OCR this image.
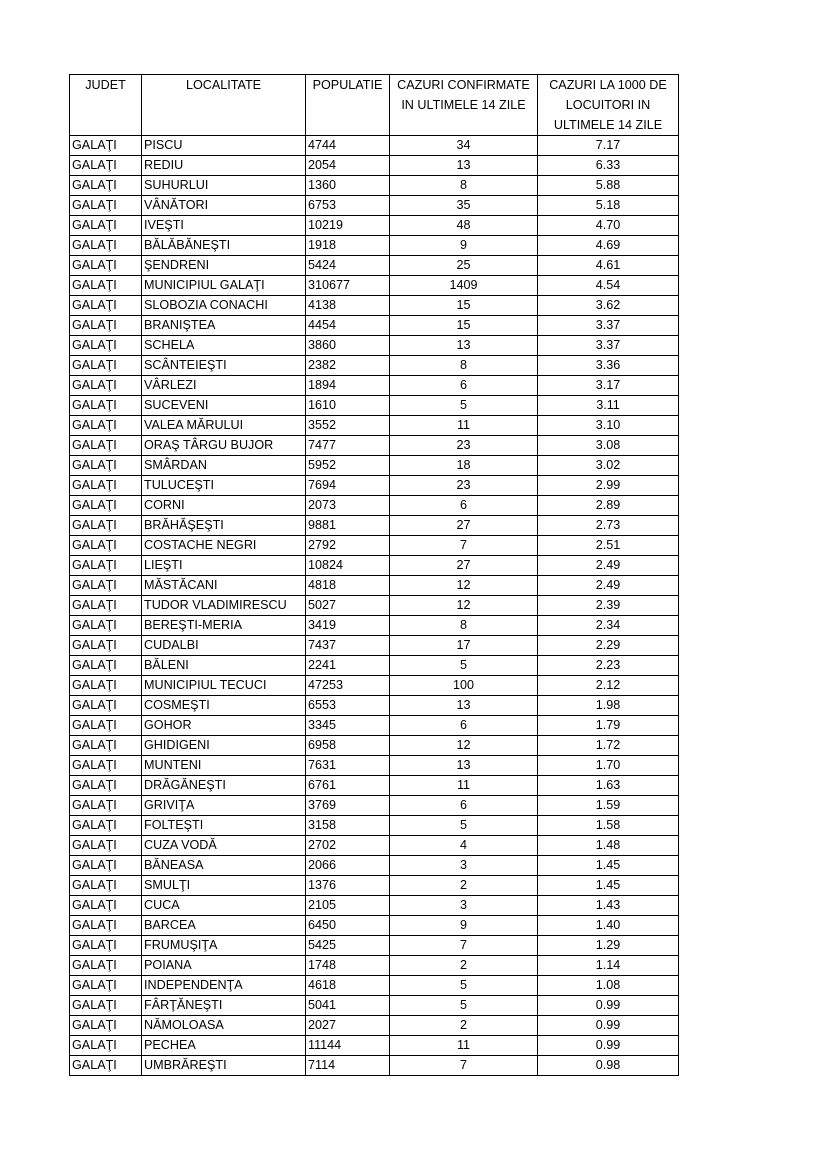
JUDET	LOCALITATE	POPULATIE	CAZURI CONFIRMATE IN ULTIMELE 14 ZILE	CAZURI LA 1000 DE LOCUITORI IN ULTIMELE 14 ZILE
GALAŢI	PISCU	4744	34	7.17
GALAŢI	REDIU	2054	13	6.33
GALAŢI	SUHURLUI	1360	8	5.88
GALAŢI	VÂNĂTORI	6753	35	5.18
GALAŢI	IVEŞTI	10219	48	4.70
GALAŢI	BĂLĂBĂNEŞTI	1918	9	4.69
GALAŢI	ŞENDRENI	5424	25	4.61
GALAŢI	MUNICIPIUL GALAŢI	310677	1409	4.54
GALAŢI	SLOBOZIA CONACHI	4138	15	3.62
GALAŢI	BRANIŞTEA	4454	15	3.37
GALAŢI	SCHELA	3860	13	3.37
GALAŢI	SCÂNTEIEŞTI	2382	8	3.36
GALAŢI	VÂRLEZI	1894	6	3.17
GALAŢI	SUCEVENI	1610	5	3.11
GALAŢI	VALEA MĂRULUI	3552	11	3.10
GALAŢI	ORAŞ TÂRGU BUJOR	7477	23	3.08
GALAŢI	SMÂRDAN	5952	18	3.02
GALAŢI	TULUCEŞTI	7694	23	2.99
GALAŢI	CORNI	2073	6	2.89
GALAŢI	BRĂHĂŞEŞTI	9881	27	2.73
GALAŢI	COSTACHE NEGRI	2792	7	2.51
GALAŢI	LIEŞTI	10824	27	2.49
GALAŢI	MĂSTĂCANI	4818	12	2.49
GALAŢI	TUDOR VLADIMIRESCU	5027	12	2.39
GALAŢI	BEREŞTI-MERIA	3419	8	2.34
GALAŢI	CUDALBI	7437	17	2.29
GALAŢI	BĂLENI	2241	5	2.23
GALAŢI	MUNICIPIUL TECUCI	47253	100	2.12
GALAŢI	COSMEŞTI	6553	13	1.98
GALAŢI	GOHOR	3345	6	1.79
GALAŢI	GHIDIGENI	6958	12	1.72
GALAŢI	MUNTENI	7631	13	1.70
GALAŢI	DRĂGĂNEŞTI	6761	11	1.63
GALAŢI	GRIVIŢA	3769	6	1.59
GALAŢI	FOLTEŞTI	3158	5	1.58
GALAŢI	CUZA VODĂ	2702	4	1.48
GALAŢI	BĂNEASA	2066	3	1.45
GALAŢI	SMULŢI	1376	2	1.45
GALAŢI	CUCA	2105	3	1.43
GALAŢI	BARCEA	6450	9	1.40
GALAŢI	FRUMUŞIŢA	5425	7	1.29
GALAŢI	POIANA	1748	2	1.14
GALAŢI	INDEPENDENŢA	4618	5	1.08
GALAŢI	FÂRŢĂNEŞTI	5041	5	0.99
GALAŢI	NĂMOLOASA	2027	2	0.99
GALAŢI	PECHEA	11144	11	0.99
GALAŢI	UMBRĂREŞTI	7114	7	0.98
